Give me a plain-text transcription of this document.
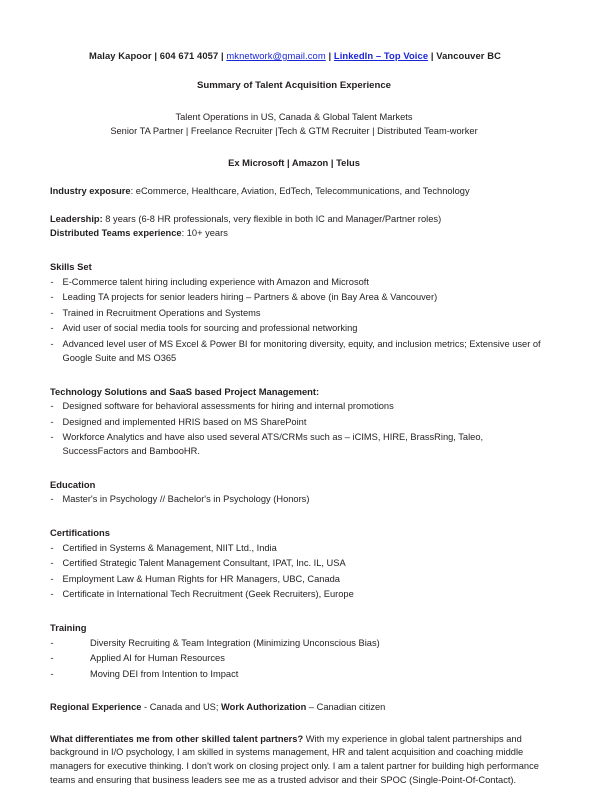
Malay Kapoor | 604 671 4057 | mknetwork@gmail.com | LinkedIn – Top Voice | Vancouver BC
Summary of Talent Acquisition Experience
Talent Operations in US, Canada & Global Talent Markets
Senior TA Partner | Freelance Recruiter |Tech & GTM Recruiter | Distributed Team-worker
Ex Microsoft | Amazon | Telus
Industry exposure: eCommerce, Healthcare, Aviation, EdTech, Telecommunications, and Technology
Leadership: 8 years (6-8 HR professionals, very flexible in both IC and Manager/Partner roles)
Distributed Teams experience: 10+ years
Skills Set
- E-Commerce talent hiring including experience with Amazon and Microsoft
- Leading TA projects for senior leaders hiring – Partners & above (in Bay Area & Vancouver)
- Trained in Recruitment Operations and Systems
- Avid user of social media tools for sourcing and professional networking
- Advanced level user of MS Excel & Power BI for monitoring diversity, equity, and inclusion metrics; Extensive user of Google Suite and MS O365
Technology Solutions and SaaS based Project Management:
- Designed software for behavioral assessments for hiring and internal promotions
- Designed and implemented HRIS based on MS SharePoint
- Workforce Analytics and have also used several ATS/CRMs such as – iCIMS, HIRE, BrassRing, Taleo, SuccessFactors and BambooHR.
Education
- Master's in Psychology // Bachelor's in Psychology (Honors)
Certifications
- Certified in Systems & Management, NIIT Ltd., India
- Certified Strategic Talent Management Consultant, IPAT, Inc. IL, USA
- Employment Law & Human Rights for HR Managers, UBC, Canada
- Certificate in International Tech Recruitment (Geek Recruiters), Europe
Training
- Diversity Recruiting & Team Integration (Minimizing Unconscious Bias)
- Applied AI for Human Resources
- Moving DEI from Intention to Impact
Regional Experience - Canada and US; Work Authorization – Canadian citizen
What differentiates me from other skilled talent partners? With my experience in global talent partnerships and background in I/O psychology, I am skilled in systems management, HR and talent acquisition and coaching middle managers for executive thinking. I don't work on closing project only. I am a talent partner for building high performance teams and ensuring that business leaders see me as a trusted advisor and their SPOC (Single-Point-Of-Contact).
